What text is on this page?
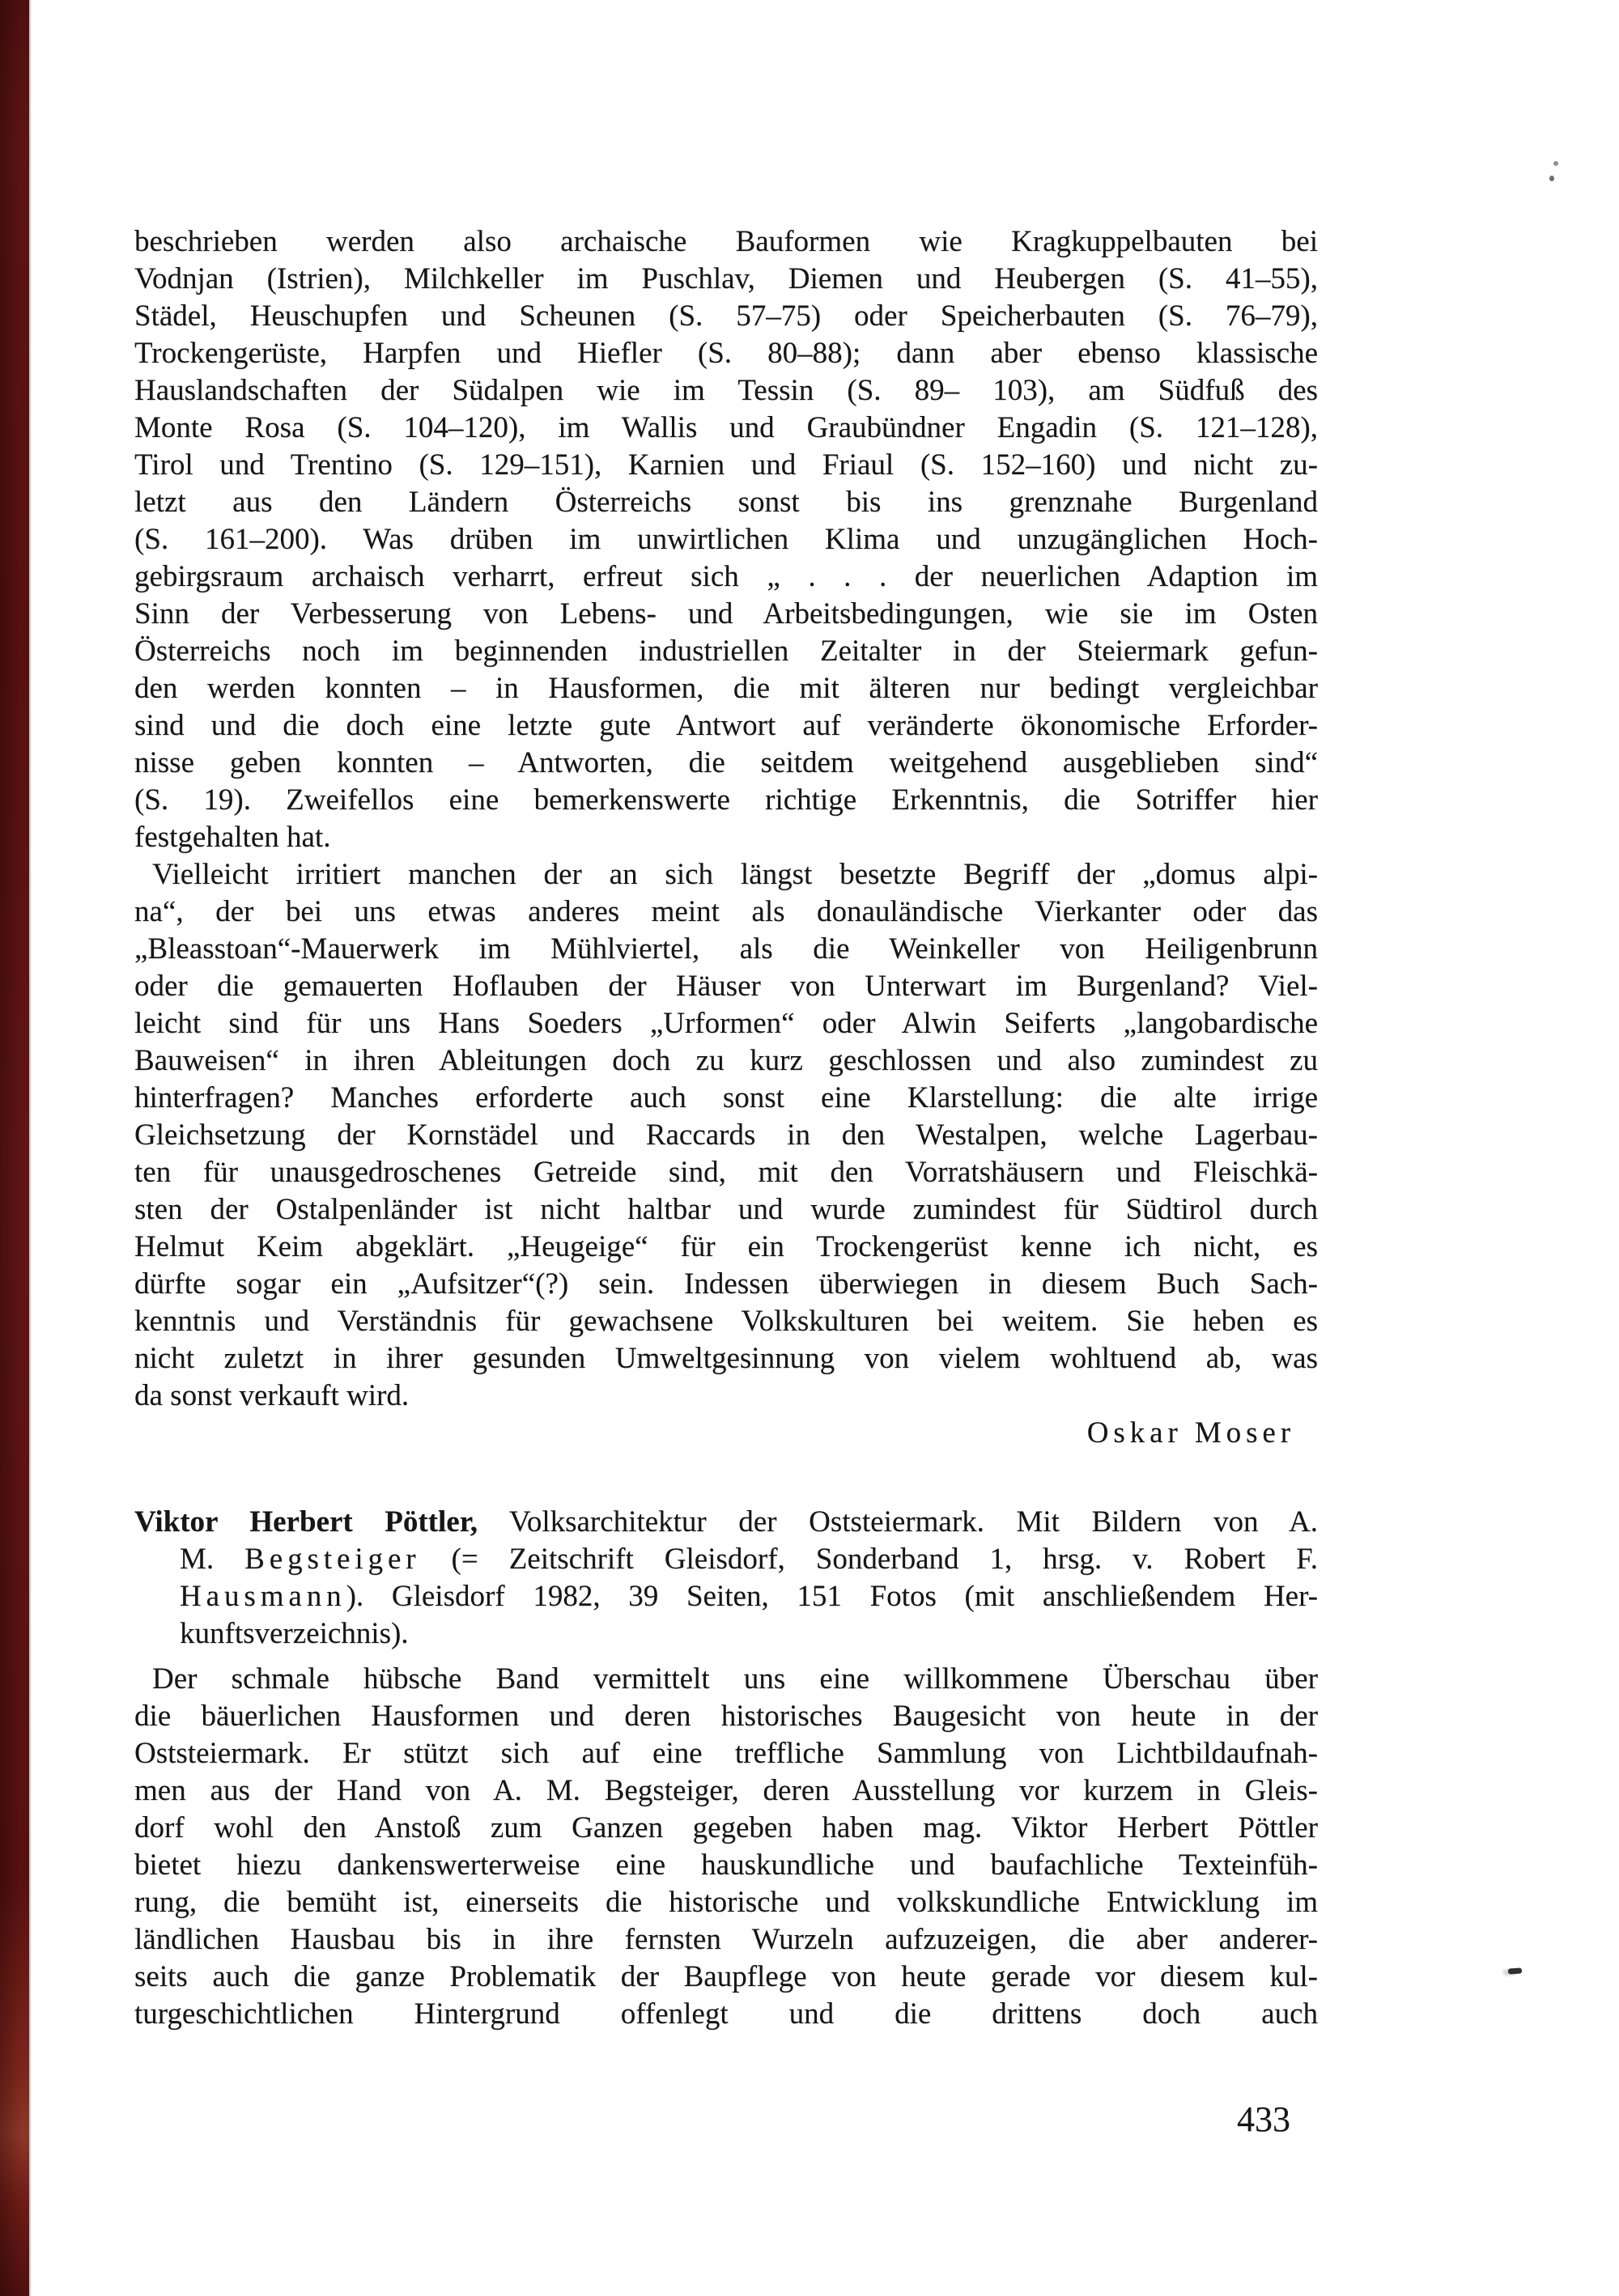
beschrieben werden also archaische Bauformen wie Kragkuppelbauten bei
Vodnjan (Istrien), Milchkeller im Puschlav, Diemen und Heubergen (S. 41–55),
Städel, Heuschupfen und Scheunen (S. 57–75) oder Speicherbauten (S. 76–79),
Trockengerüste, Harpfen und Hiefler (S. 80–88); dann aber ebenso klassische
Hauslandschaften der Südalpen wie im Tessin (S. 89– 103), am Südfuß des
Monte Rosa (S. 104–120), im Wallis und Graubündner Engadin (S. 121–128),
Tirol und Trentino (S. 129–151), Karnien und Friaul (S. 152–160) und nicht zu-
letzt aus den Ländern Österreichs sonst bis ins grenznahe Burgenland
(S. 161–200). Was drüben im unwirtlichen Klima und unzugänglichen Hoch-
gebirgsraum archaisch verharrt, erfreut sich „ . . . der neuerlichen Adaption im
Sinn der Verbesserung von Lebens- und Arbeitsbedingungen, wie sie im Osten
Österreichs noch im beginnenden industriellen Zeitalter in der Steiermark gefun-
den werden konnten – in Hausformen, die mit älteren nur bedingt vergleichbar
sind und die doch eine letzte gute Antwort auf veränderte ökonomische Erforder-
nisse geben konnten – Antworten, die seitdem weitgehend ausgeblieben sind“
(S. 19). Zweifellos eine bemerkenswerte richtige Erkenntnis, die Sotriffer hier
festgehalten hat.
Vielleicht irritiert manchen der an sich längst besetzte Begriff der „domus alpi-
na“, der bei uns etwas anderes meint als donauländische Vierkanter oder das
„Bleasstoan“-Mauerwerk im Mühlviertel, als die Weinkeller von Heiligenbrunn
oder die gemauerten Hoflauben der Häuser von Unterwart im Burgenland? Viel-
leicht sind für uns Hans Soeders „Urformen“ oder Alwin Seiferts „langobardische
Bauweisen“ in ihren Ableitungen doch zu kurz geschlossen und also zumindest zu
hinterfragen? Manches erforderte auch sonst eine Klarstellung: die alte irrige
Gleichsetzung der Kornstädel und Raccards in den Westalpen, welche Lagerbau-
ten für unausgedroschenes Getreide sind, mit den Vorratshäusern und Fleischkä-
sten der Ostalpenländer ist nicht haltbar und wurde zumindest für Südtirol durch
Helmut Keim abgeklärt. „Heugeige“ für ein Trockengerüst kenne ich nicht, es
dürfte sogar ein „Aufsitzer“(?) sein. Indessen überwiegen in diesem Buch Sach-
kenntnis und Verständnis für gewachsene Volkskulturen bei weitem. Sie heben es
nicht zuletzt in ihrer gesunden Umweltgesinnung von vielem wohltuend ab, was
da sonst verkauft wird.
Oskar Moser
Viktor Herbert Pöttler, Volksarchitektur der Oststeiermark. Mit Bildern von A.
M. Begsteiger (= Zeitschrift Gleisdorf, Sonderband 1, hrsg. v. Robert F.
Hausmann). Gleisdorf 1982, 39 Seiten, 151 Fotos (mit anschließendem Her-
kunftsverzeichnis).
Der schmale hübsche Band vermittelt uns eine willkommene Überschau über
die bäuerlichen Hausformen und deren historisches Baugesicht von heute in der
Oststeiermark. Er stützt sich auf eine treffliche Sammlung von Lichtbildaufnah-
men aus der Hand von A. M. Begsteiger, deren Ausstellung vor kurzem in Gleis-
dorf wohl den Anstoß zum Ganzen gegeben haben mag. Viktor Herbert Pöttler
bietet hiezu dankenswerterweise eine hauskundliche und baufachliche Texteinfüh-
rung, die bemüht ist, einerseits die historische und volkskundliche Entwicklung im
ländlichen Hausbau bis in ihre fernsten Wurzeln aufzuzeigen, die aber anderer-
seits auch die ganze Problematik der Baupflege von heute gerade vor diesem kul-
turgeschichtlichen Hintergrund offenlegt und die drittens doch auch
433
